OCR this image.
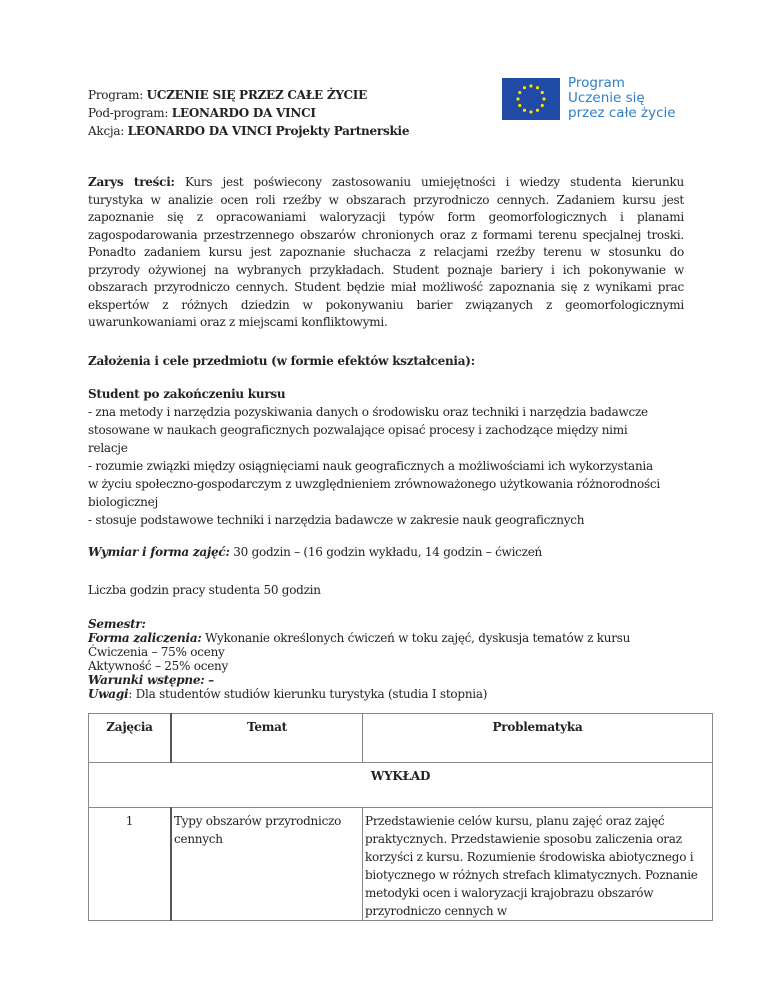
Program: UCZENIE SIĘ PRZEZ CAŁE ŻYCIE
Pod-program: LEONARDO DA VINCI
Akcja: LEONARDO DA VINCI Projekty Partnerskie
Program
Uczenie się
przez całe życie
Zarys treści: Kurs jest poświecony zastosowaniu umiejętności i wiedzy studenta kierunku
turystyka w analizie ocen roli rzeźby w obszarach przyrodniczo cennych. Zadaniem kursu jest
zapoznanie się z opracowaniami waloryzacji typów form geomorfologicznych i planami
zagospodarowania przestrzennego obszarów chronionych oraz z formami terenu specjalnej troski.
Ponadto zadaniem kursu jest zapoznanie słuchacza z relacjami rzeźby terenu w stosunku do
przyrody ożywionej na wybranych przykładach. Student poznaje bariery i ich pokonywanie w
obszarach przyrodniczo cennych. Student będzie miał możliwość zapoznania się z wynikami prac
ekspertów z różnych dziedzin w pokonywaniu barier związanych z geomorfologicznymi
uwarunkowaniami oraz z miejscami konfliktowymi.
Założenia i cele przedmiotu (w formie efektów kształcenia):
Student po zakończeniu kursu
- zna metody i narzędzia pozyskiwania danych o środowisku oraz techniki i narzędzia badawcze
stosowane w naukach geograficznych pozwalające opisać procesy i zachodzące między nimi
relacje
- rozumie związki między osiągnięciami nauk geograficznych a możliwościami ich wykorzystania
w życiu społeczno-gospodarczym z uwzględnieniem zrównoważonego użytkowania różnorodności
biologicznej
- stosuje podstawowe techniki i narzędzia badawcze w zakresie nauk geograficznych
Wymiar i forma zajęć: 30 godzin – (16 godzin wykładu, 14 godzin – ćwiczeń
Liczba godzin pracy studenta 50 godzin
Semestr:
Forma zaliczenia: Wykonanie określonych ćwiczeń w toku zajęć, dyskusja tematów z kursu
Ćwiczenia – 75% oceny
Aktywność – 25% oceny
Warunki wstępne: –
Uwagi: Dla studentów studiów kierunku turystyka (studia I stopnia)
Zajęcia	Temat	Problematyka
WYKŁAD		
1	Typy obszarów przyrodniczo cennych	Przedstawienie celów kursu, planu zajęć oraz zajęć praktycznych. Przedstawienie sposobu zaliczenia oraz korzyści z kursu. Rozumienie środowiska abiotycznego i biotycznego w różnych strefach klimatycznych. Poznanie metodyki ocen i waloryzacji krajobrazu obszarów przyrodniczo cennych w
